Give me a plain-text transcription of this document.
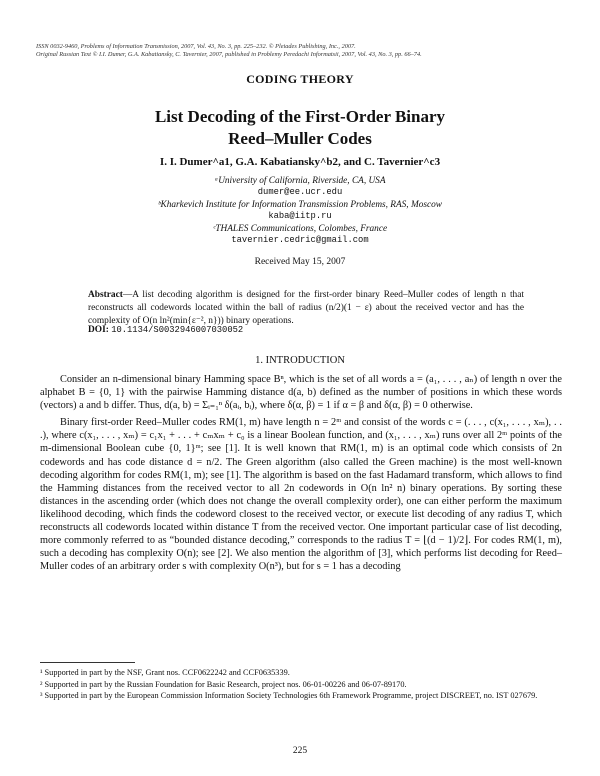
ISSN 0032-9460, Problems of Information Transmission, 2007, Vol. 43, No. 3, pp. 225–232. © Pleiades Publishing, Inc., 2007.
Original Russian Text © I.I. Dumer, G.A. Kabatiansky, C. Tavernier, 2007, published in Problemy Peredachi Informatsii, 2007, Vol. 43, No. 3, pp. 66–74.
CODING THEORY
List Decoding of the First-Order Binary
Reed–Muller Codes
I. I. Dumer^a1, G.A. Kabatiansky^b2, and C. Tavernier^c3
ᵃUniversity of California, Riverside, CA, USA
dumer@ee.ucr.edu
ᵇKharkevich Institute for Information Transmission Problems, RAS, Moscow
kaba@iitp.ru
ᶜTHALES Communications, Colombes, France
tavernier.cedric@gmail.com
Received May 15, 2007
Abstract—A list decoding algorithm is designed for the first-order binary Reed–Muller codes of length n that reconstructs all codewords located within the ball of radius (n/2)(1 − ε) about the received vector and has the complexity of O(n ln²(min{ε⁻², n})) binary operations.
DOI: 10.1134/S0032946007030052
1. INTRODUCTION

Consider an n-dimensional binary Hamming space Bⁿ, which is the set of all words a = (a₁, . . . , aₙ) of length n over the alphabet B = {0, 1} with the pairwise Hamming distance d(a, b) defined as the number of positions in which these words (vectors) a and b differ. Thus, d(a, b) = Σᵢ₌₁ⁿ δ(aᵢ, bᵢ), where δ(α, β) = 1 if α = β and δ(α, β) = 0 otherwise.

Binary first-order Reed–Muller codes RM(1, m) have length n = 2ᵐ and consist of the words c = (. . . , c(x₁, . . . , xₘ), . . .), where c(x₁, . . . , xₘ) = c₁x₁ + . . . + cₘxₘ + c₀ is a linear Boolean function, and (x₁, . . . , xₘ) runs over all 2ᵐ points of the m-dimensional Boolean cube {0, 1}ᵐ; see [1]. It is well known that RM(1, m) is an optimal code which consists of 2n codewords and has code distance d = n/2. The Green algorithm (also called the Green machine) is the most well-known decoding algorithm for codes RM(1, m); see [1]. The algorithm is based on the fast Hadamard transform, which allows to find the Hamming distances from the received vector to all 2n codewords in O(n ln² n) binary operations. By sorting these distances in the ascending order (which does not change the overall complexity order), one can either perform the maximum likelihood decoding, which finds the codeword closest to the received vector, or execute list decoding of any radius T, which reconstructs all codewords located within distance T from the received vector. One important particular case of list decoding, more commonly referred to as “bounded distance decoding,” corresponds to the radius T = ⌊(d − 1)/2⌋. For codes RM(1, m), such a decoding has complexity O(n); see [2]. We also mention the algorithm of [3], which performs list decoding for Reed–Muller codes of an arbitrary order s with complexity O(n³), but for s = 1 has a decoding

¹ Supported in part by the NSF, Grant nos. CCF0622242 and CCF0635339.
² Supported in part by the Russian Foundation for Basic Research, project nos. 06-01-00226 and 06-07-89170.
³ Supported in part by the European Commission Information Society Technologies 6th Framework Programme, project DISCREET, no. IST 027679.
225
